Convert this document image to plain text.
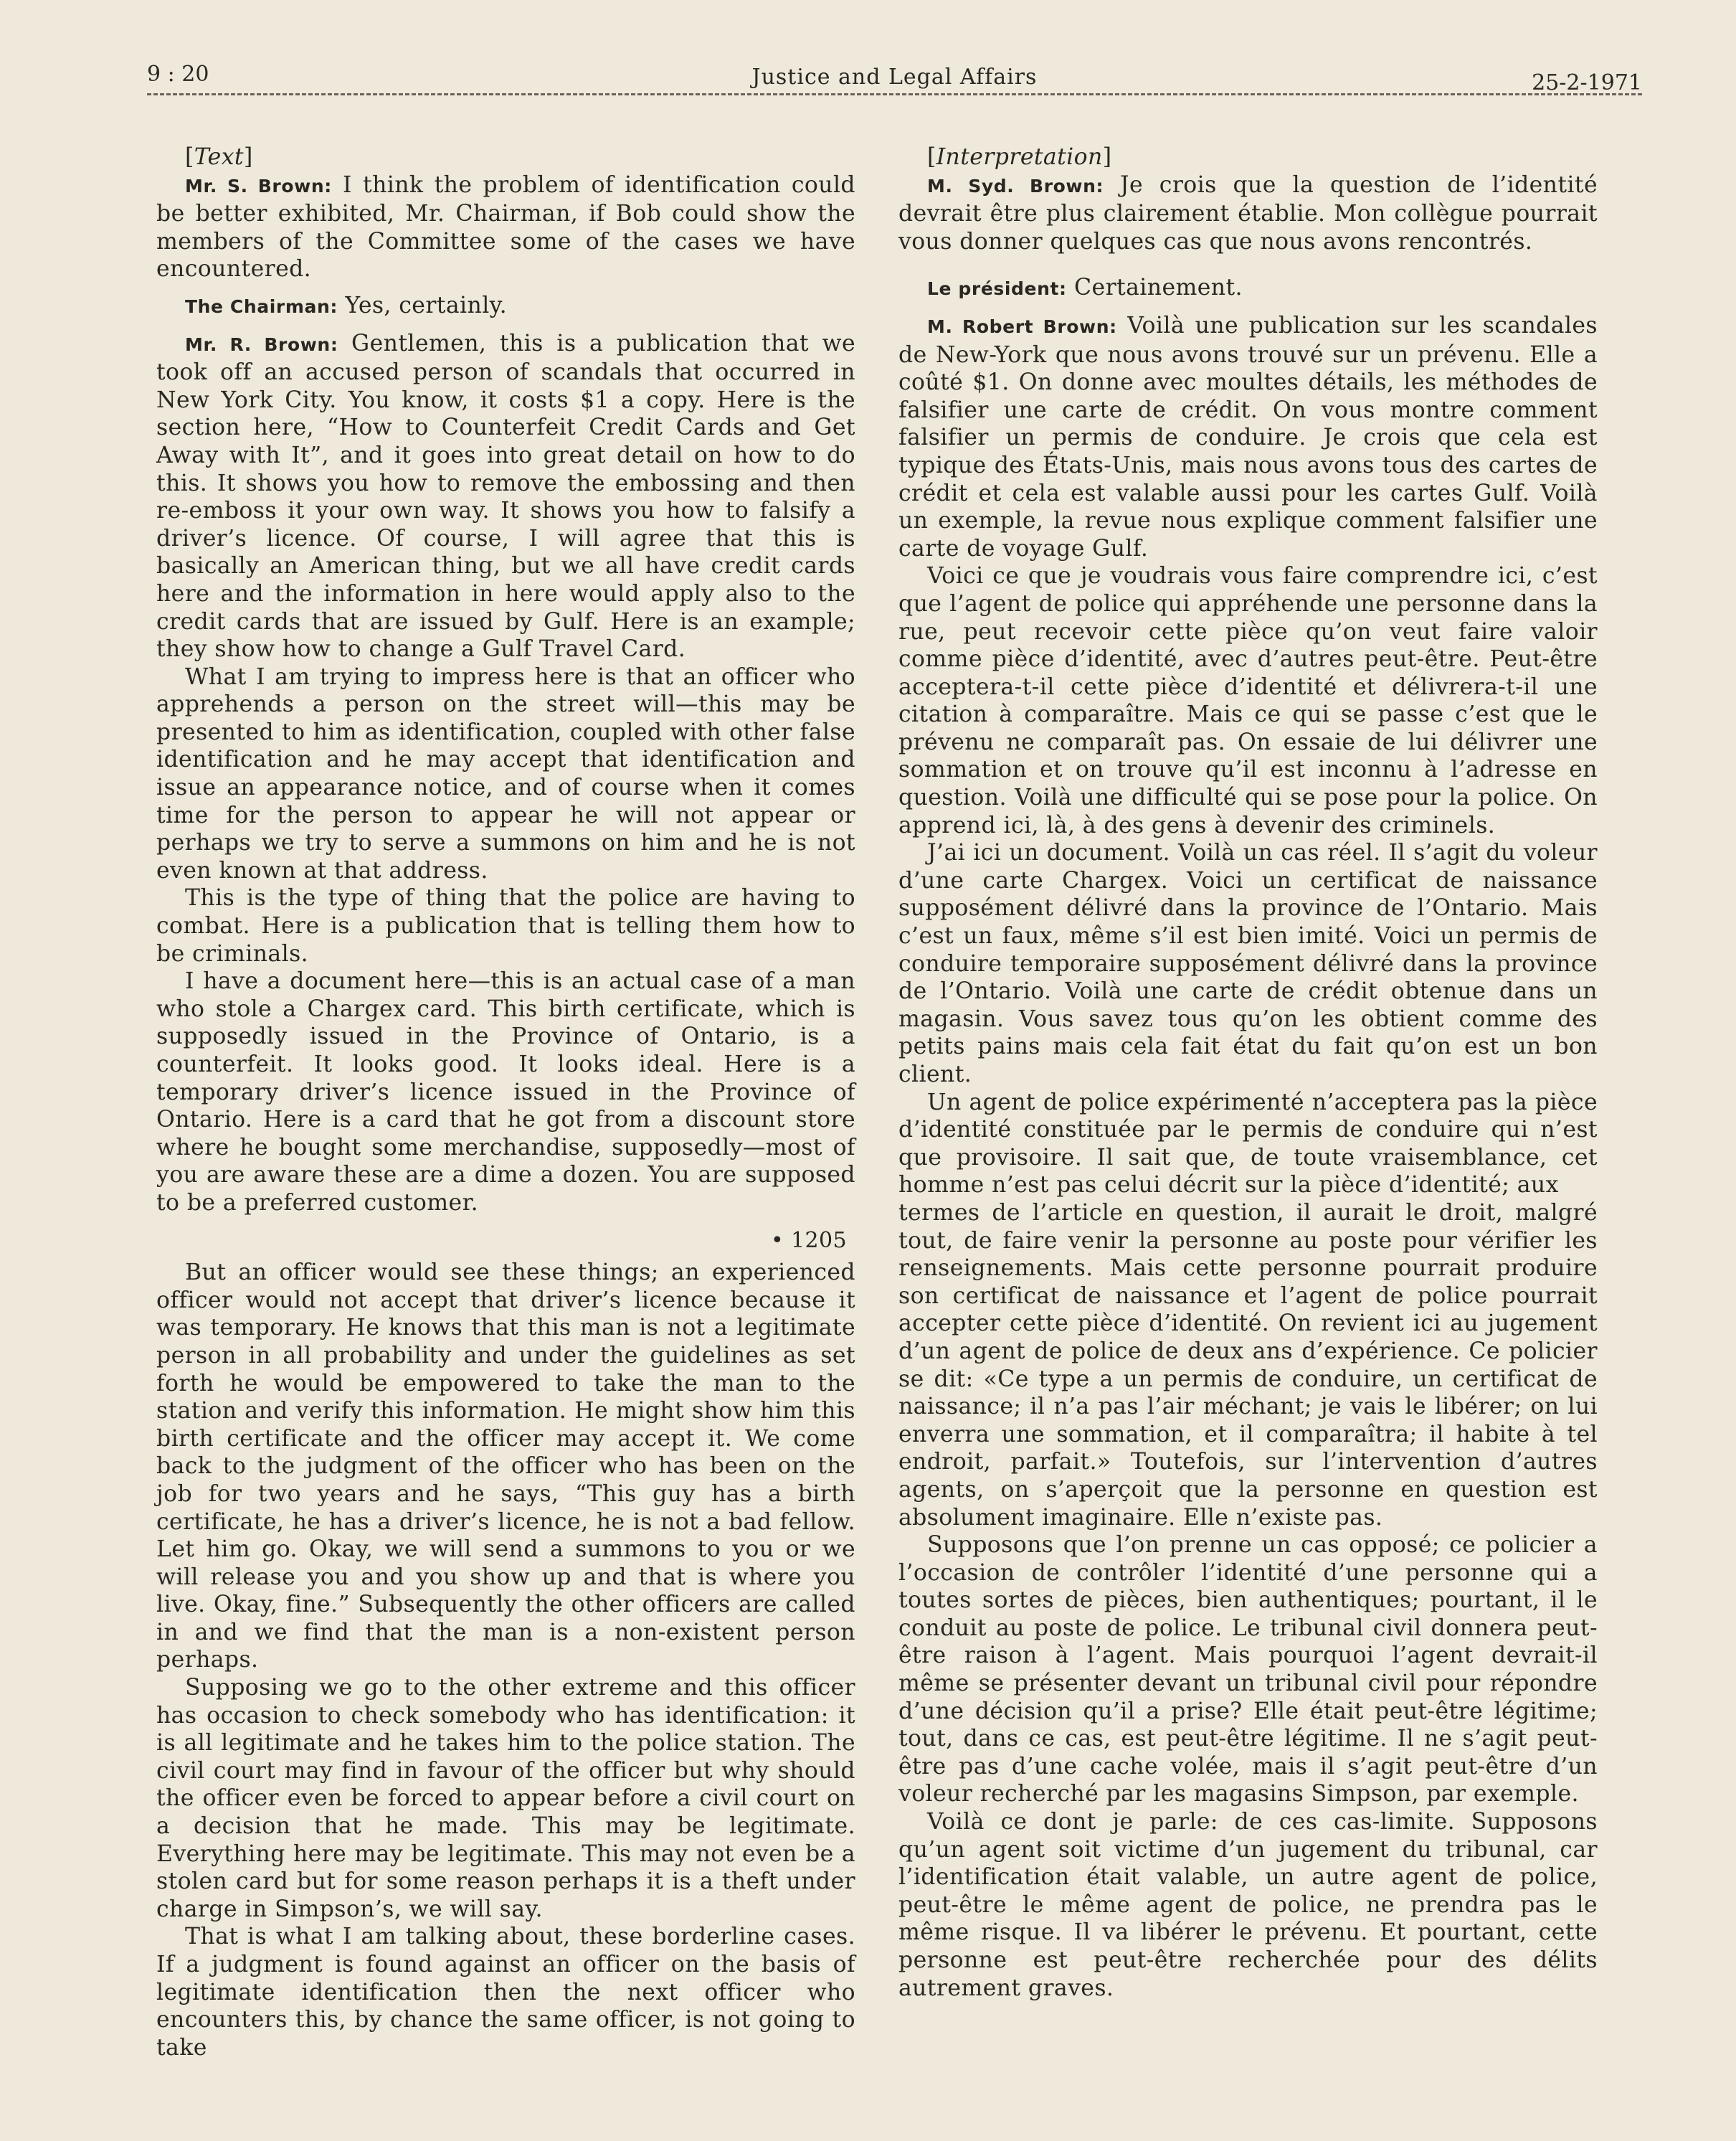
9 : 20	Justice and Legal Affairs	25-2-1971

[Text]

Mr. S. Brown: I think the problem of identification could be better exhibited, Mr. Chairman, if Bob could show the members of the Committee some of the cases we have encountered.

The Chairman: Yes, certainly.

Mr. R. Brown: Gentlemen, this is a publication that we took off an accused person of scandals that occurred in New York City. You know, it costs $1 a copy. Here is the section here, “How to Counterfeit Credit Cards and Get Away with It”, and it goes into great detail on how to do this. It shows you how to remove the embossing and then re-emboss it your own way. It shows you how to falsify a driver’s licence. Of course, I will agree that this is basically an American thing, but we all have credit cards here and the information in here would apply also to the credit cards that are issued by Gulf. Here is an example; they show how to change a Gulf Travel Card.

What I am trying to impress here is that an officer who apprehends a person on the street will—this may be presented to him as identification, coupled with other false identification and he may accept that identification and issue an appearance notice, and of course when it comes time for the person to appear he will not appear or perhaps we try to serve a summons on him and he is not even known at that address.

This is the type of thing that the police are having to combat. Here is a publication that is telling them how to be criminals.

I have a document here—this is an actual case of a man who stole a Chargex card. This birth certificate, which is supposedly issued in the Province of Ontario, is a counterfeit. It looks good. It looks ideal. Here is a temporary driver’s licence issued in the Province of Ontario. Here is a card that he got from a discount store where he bought some merchandise, supposedly—most of you are aware these are a dime a dozen. You are supposed to be a preferred customer.

• 1205

But an officer would see these things; an experienced officer would not accept that driver’s licence because it was temporary. He knows that this man is not a legitimate person in all probability and under the guidelines as set forth he would be empowered to take the man to the station and verify this information. He might show him this birth certificate and the officer may accept it. We come back to the judgment of the officer who has been on the job for two years and he says, “This guy has a birth certificate, he has a driver’s licence, he is not a bad fellow. Let him go. Okay, we will send a summons to you or we will release you and you show up and that is where you live. Okay, fine.” Subsequently the other officers are called in and we find that the man is a non-existent person perhaps.

Supposing we go to the other extreme and this officer has occasion to check somebody who has identification: it is all legitimate and he takes him to the police station. The civil court may find in favour of the officer but why should the officer even be forced to appear before a civil court on a decision that he made. This may be legitimate. Everything here may be legitimate. This may not even be a stolen card but for some reason perhaps it is a theft under charge in Simpson’s, we will say.

That is what I am talking about, these borderline cases. If a judgment is found against an officer on the basis of legitimate identification then the next officer who encounters this, by chance the same officer, is not going to take

[Interpretation]

M. Syd. Brown: Je crois que la question de l’identité devrait être plus clairement établie. Mon collègue pourrait vous donner quelques cas que nous avons rencontrés.

Le président: Certainement.

M. Robert Brown: Voilà une publication sur les scandales de New-York que nous avons trouvé sur un prévenu. Elle a coûté $1. On donne avec moultes détails, les méthodes de falsifier une carte de crédit. On vous montre comment falsifier un permis de conduire. Je crois que cela est typique des États-Unis, mais nous avons tous des cartes de crédit et cela est valable aussi pour les cartes Gulf. Voilà un exemple, la revue nous explique comment falsifier une carte de voyage Gulf.

Voici ce que je voudrais vous faire comprendre ici, c’est que l’agent de police qui appréhende une personne dans la rue, peut recevoir cette pièce qu’on veut faire valoir comme pièce d’identité, avec d’autres peut-être. Peut-être acceptera-t-il cette pièce d’identité et délivrera-t-il une citation à comparaître. Mais ce qui se passe c’est que le prévenu ne comparaît pas. On essaie de lui délivrer une sommation et on trouve qu’il est inconnu à l’adresse en question. Voilà une difficulté qui se pose pour la police. On apprend ici, là, à des gens à devenir des criminels.

J’ai ici un document. Voilà un cas réel. Il s’agit du voleur d’une carte Chargex. Voici un certificat de naissance supposément délivré dans la province de l’Ontario. Mais c’est un faux, même s’il est bien imité. Voici un permis de conduire temporaire supposément délivré dans la province de l’Ontario. Voilà une carte de crédit obtenue dans un magasin. Vous savez tous qu’on les obtient comme des petits pains mais cela fait état du fait qu’on est un bon client.

Un agent de police expérimenté n’acceptera pas la pièce d’identité constituée par le permis de conduire qui n’est que provisoire. Il sait que, de toute vraisemblance, cet homme n’est pas celui décrit sur la pièce d’identité; aux

termes de l’article en question, il aurait le droit, malgré tout, de faire venir la personne au poste pour vérifier les renseignements. Mais cette personne pourrait produire son certificat de naissance et l’agent de police pourrait accepter cette pièce d’identité. On revient ici au jugement d’un agent de police de deux ans d’expérience. Ce policier se dit: «Ce type a un permis de conduire, un certificat de naissance; il n’a pas l’air méchant; je vais le libérer; on lui enverra une sommation, et il comparaîtra; il habite à tel endroit, parfait.» Toutefois, sur l’intervention d’autres agents, on s’aperçoit que la personne en question est absolument imaginaire. Elle n’existe pas.

Supposons que l’on prenne un cas opposé; ce policier a l’occasion de contrôler l’identité d’une personne qui a toutes sortes de pièces, bien authentiques; pourtant, il le conduit au poste de police. Le tribunal civil donnera peut-être raison à l’agent. Mais pourquoi l’agent devrait-il même se présenter devant un tribunal civil pour répondre d’une décision qu’il a prise? Elle était peut-être légitime; tout, dans ce cas, est peut-être légitime. Il ne s’agit peut-être pas d’une cache volée, mais il s’agit peut-être d’un voleur recherché par les magasins Simpson, par exemple.

Voilà ce dont je parle: de ces cas-limite. Supposons qu’un agent soit victime d’un jugement du tribunal, car l’identification était valable, un autre agent de police, peut-être le même agent de police, ne prendra pas le même risque. Il va libérer le prévenu. Et pourtant, cette personne est peut-être recherchée pour des délits autrement graves.
